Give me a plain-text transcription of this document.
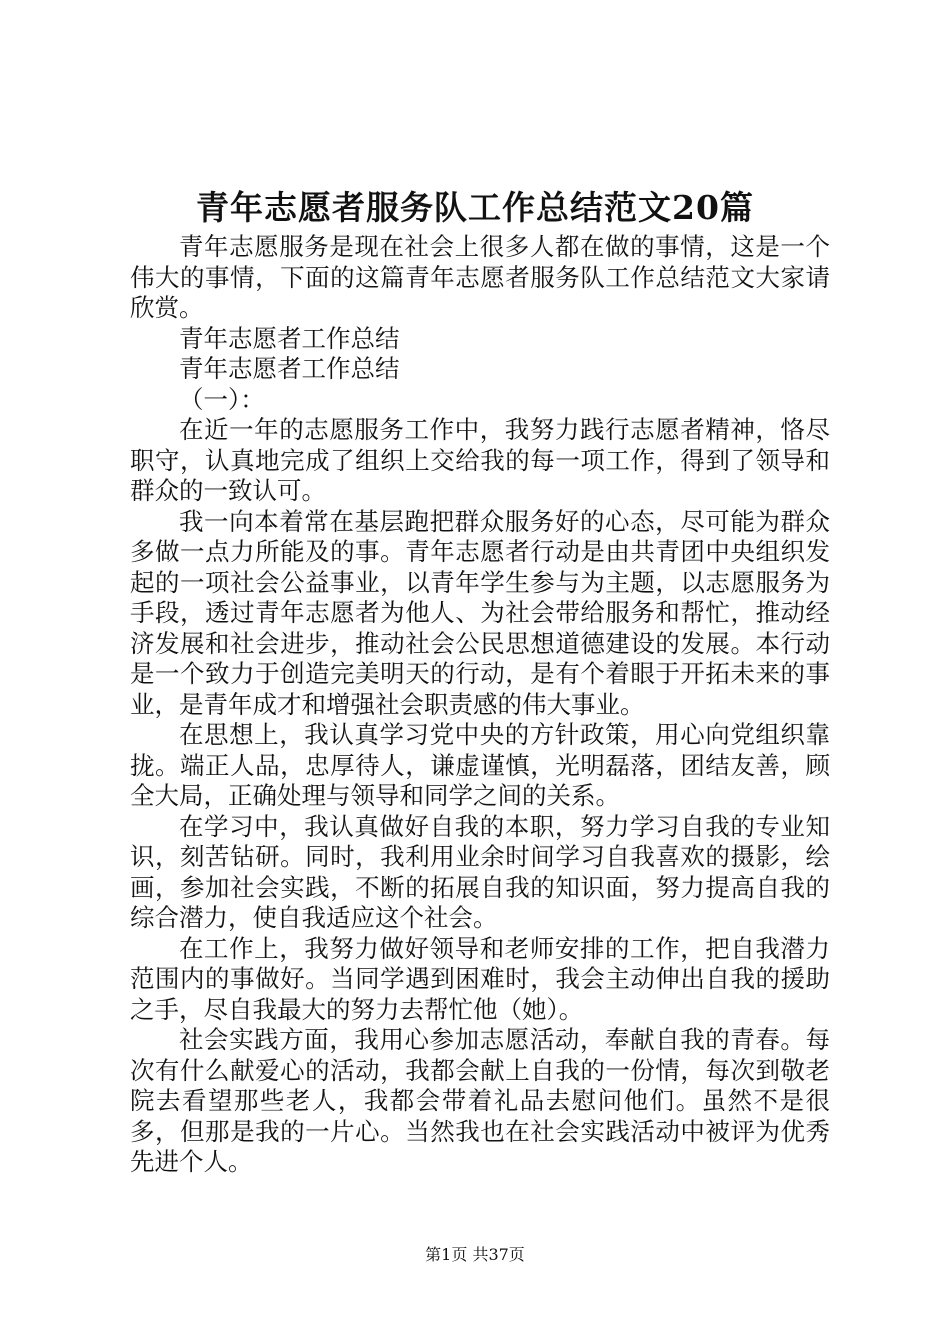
青年志愿者服务队工作总结范文20篇

青年志愿服务是现在社会上很多人都在做的事情，这是一个伟大的事情，下面的这篇青年志愿者服务队工作总结范文大家请欣赏。

青年志愿者工作总结

青年志愿者工作总结

（一）：

在近一年的志愿服务工作中，我努力践行志愿者精神，恪尽职守，认真地完成了组织上交给我的每一项工作，得到了领导和群众的一致认可。

我一向本着常在基层跑把群众服务好的心态，尽可能为群众多做一点力所能及的事。青年志愿者行动是由共青团中央组织发起的一项社会公益事业，以青年学生参与为主题，以志愿服务为手段，透过青年志愿者为他人、为社会带给服务和帮忙，推动经济发展和社会进步，推动社会公民思想道德建设的发展。本行动是一个致力于创造完美明天的行动，是有个着眼于开拓未来的事业，是青年成才和增强社会职责感的伟大事业。

在思想上，我认真学习党中央的方针政策，用心向党组织靠拢。端正人品，忠厚待人，谦虚谨慎，光明磊落，团结友善，顾全大局，正确处理与领导和同学之间的关系。

在学习中，我认真做好自我的本职，努力学习自我的专业知识，刻苦钻研。同时，我利用业余时间学习自我喜欢的摄影，绘画，参加社会实践，不断的拓展自我的知识面，努力提高自我的综合潜力，使自我适应这个社会。

在工作上，我努力做好领导和老师安排的工作，把自我潜力范围内的事做好。当同学遇到困难时，我会主动伸出自我的援助之手，尽自我最大的努力去帮忙他（她）。

社会实践方面，我用心参加志愿活动，奉献自我的青春。每次有什么献爱心的活动，我都会献上自我的一份情，每次到敬老院去看望那些老人，我都会带着礼品去慰问他们。虽然不是很多，但那是我的一片心。当然我也在社会实践活动中被评为优秀先进个人。

第1页 共37页
